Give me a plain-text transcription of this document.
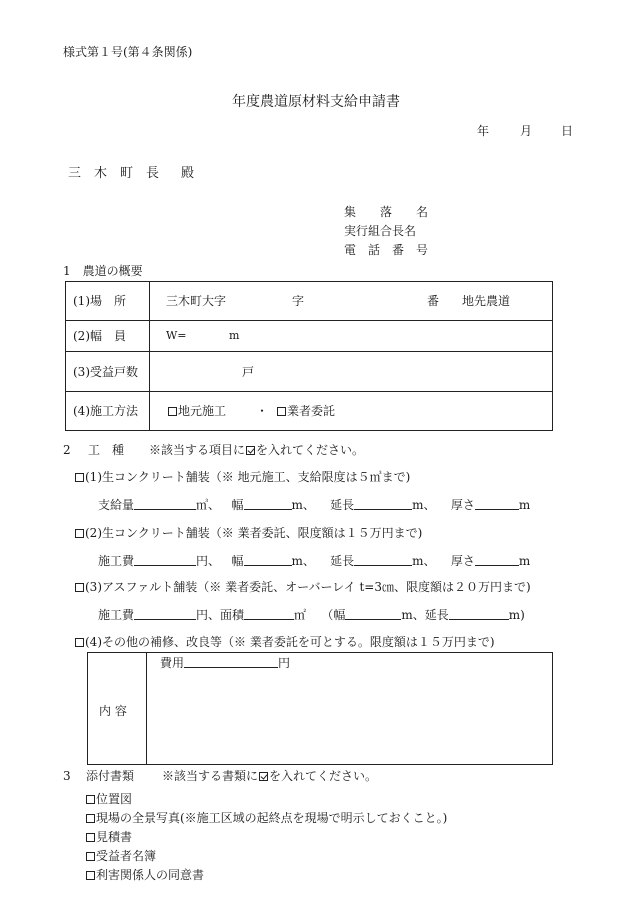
様式第１号(第４条関係)
年度農道原材料支給申請書
年	月 日
三　木　町　長 殿
集　　落　　名
実行組合長名
電　話　番　号
1　農道の概要
(1)場　所	三木町大字	字	番 地先農道
(2)幅　員	W=	m
(3)受益戸数	戸
(4)施工方法	地元施工 ・	業者委託
2 工　種 ※該当する項目に を入れてください。
(1)生コンクリート舗装（※ 地元施工、支給限度は５㎥まで)
支給量	㎥、 幅	m、 延長	m、 厚さ	m
(2)生コンクリート舗装（※ 業者委託、限度額は１５万円まで)
施工費	円、 幅	m、 延長	m、 厚さ	m
(3)アスファルト舗装（※ 業者委託、オーバーレイ t=3㎝、限度額は２０万円まで)
施工費	円、面積	㎡ （幅	m、延長	m)
(4)その他の補修、改良等（※ 業者委託を可とする。限度額は１５万円まで)
内 容
費用	円
3 添付書類 ※該当する書類に を入れてください。
位置図
現場の全景写真(※施工区域の起終点を現場で明示しておくこと。)
見積書
受益者名簿
利害関係人の同意書
